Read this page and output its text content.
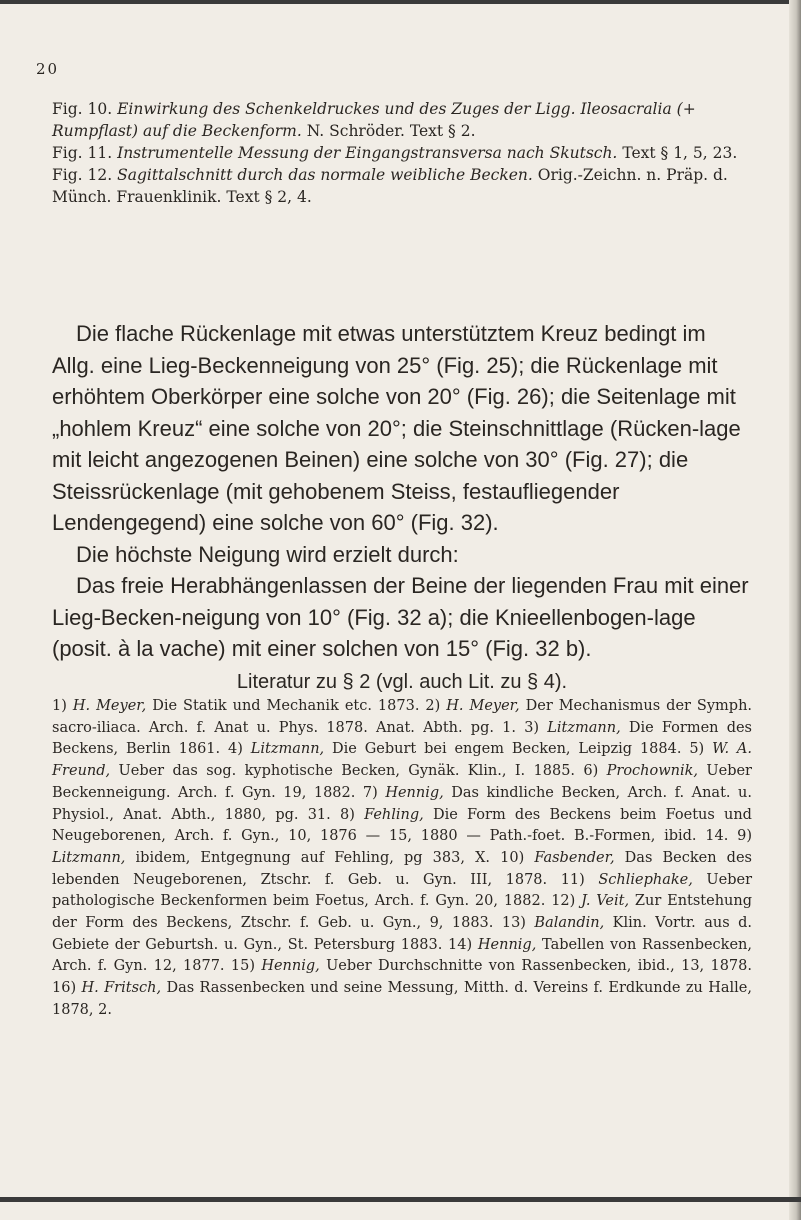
20
Fig. 10. Einwirkung des Schenkeldruckes und des Zuges der Ligg. Ileosacralia (+ Rumpflast) auf die Beckenform. N. Schröder. Text § 2.
Fig. 11. Instrumentelle Messung der Eingangstransversa nach Skutsch. Text § 1, 5, 23.
Fig. 12. Sagittalschnitt durch das normale weibliche Becken. Orig.-Zeichn. n. Präp. d. Münch. Frauenklinik. Text § 2, 4.

Die flache Rückenlage mit etwas unterstütztem Kreuz bedingt im Allg. eine Lieg-Beckenneigung von 25° (Fig. 25); die Rückenlage mit erhöhtem Oberkörper eine solche von 20° (Fig. 26); die Seitenlage mit „hohlem Kreuz“ eine solche von 20°; die Steinschnittlage (Rücken-lage mit leicht angezogenen Beinen) eine solche von 30° (Fig. 27); die Steissrückenlage (mit gehobenem Steiss, festaufliegender Lendengegend) eine solche von 60° (Fig. 32).

Die höchste Neigung wird erzielt durch:

Das freie Herabhängenlassen der Beine der liegenden Frau mit einer Lieg-Becken-neigung von 10° (Fig. 32 a); die Knieellenbogen-lage (posit. à la vache) mit einer solchen von 15° (Fig. 32 b).

Literatur zu § 2 (vgl. auch Lit. zu § 4).
1) H. Meyer, Die Statik und Mechanik etc. 1873. 2) H. Meyer, Der Mechanismus der Symph. sacro-iliaca. Arch. f. Anat u. Phys. 1878. Anat. Abth. pg. 1. 3) Litzmann, Die Formen des Beckens, Berlin 1861. 4) Litzmann, Die Geburt bei engem Becken, Leipzig 1884. 5) W. A. Freund, Ueber das sog. kyphotische Becken, Gynäk. Klin., I. 1885. 6) Prochownik, Ueber Beckenneigung. Arch. f. Gyn. 19, 1882. 7) Hennig, Das kindliche Becken, Arch. f. Anat. u. Physiol., Anat. Abth., 1880, pg. 31. 8) Fehling, Die Form des Beckens beim Foetus und Neugeborenen, Arch. f. Gyn., 10, 1876 — 15, 1880 — Path.-foet. B.-Formen, ibid. 14. 9) Litzmann, ibidem, Entgegnung auf Fehling, pg 383, X. 10) Fasbender, Das Becken des lebenden Neugeborenen, Ztschr. f. Geb. u. Gyn. III, 1878. 11) Schliephake, Ueber pathologische Beckenformen beim Foetus, Arch. f. Gyn. 20, 1882. 12) J. Veit, Zur Entstehung der Form des Beckens, Ztschr. f. Geb. u. Gyn., 9, 1883. 13) Balandin, Klin. Vortr. aus d. Gebiete der Geburtsh. u. Gyn., St. Petersburg 1883. 14) Hennig, Tabellen von Rassenbecken, Arch. f. Gyn. 12, 1877. 15) Hennig, Ueber Durchschnitte von Rassenbecken, ibid., 13, 1878. 16) H. Fritsch, Das Rassenbecken und seine Messung, Mitth. d. Vereins f. Erdkunde zu Halle, 1878, 2.
